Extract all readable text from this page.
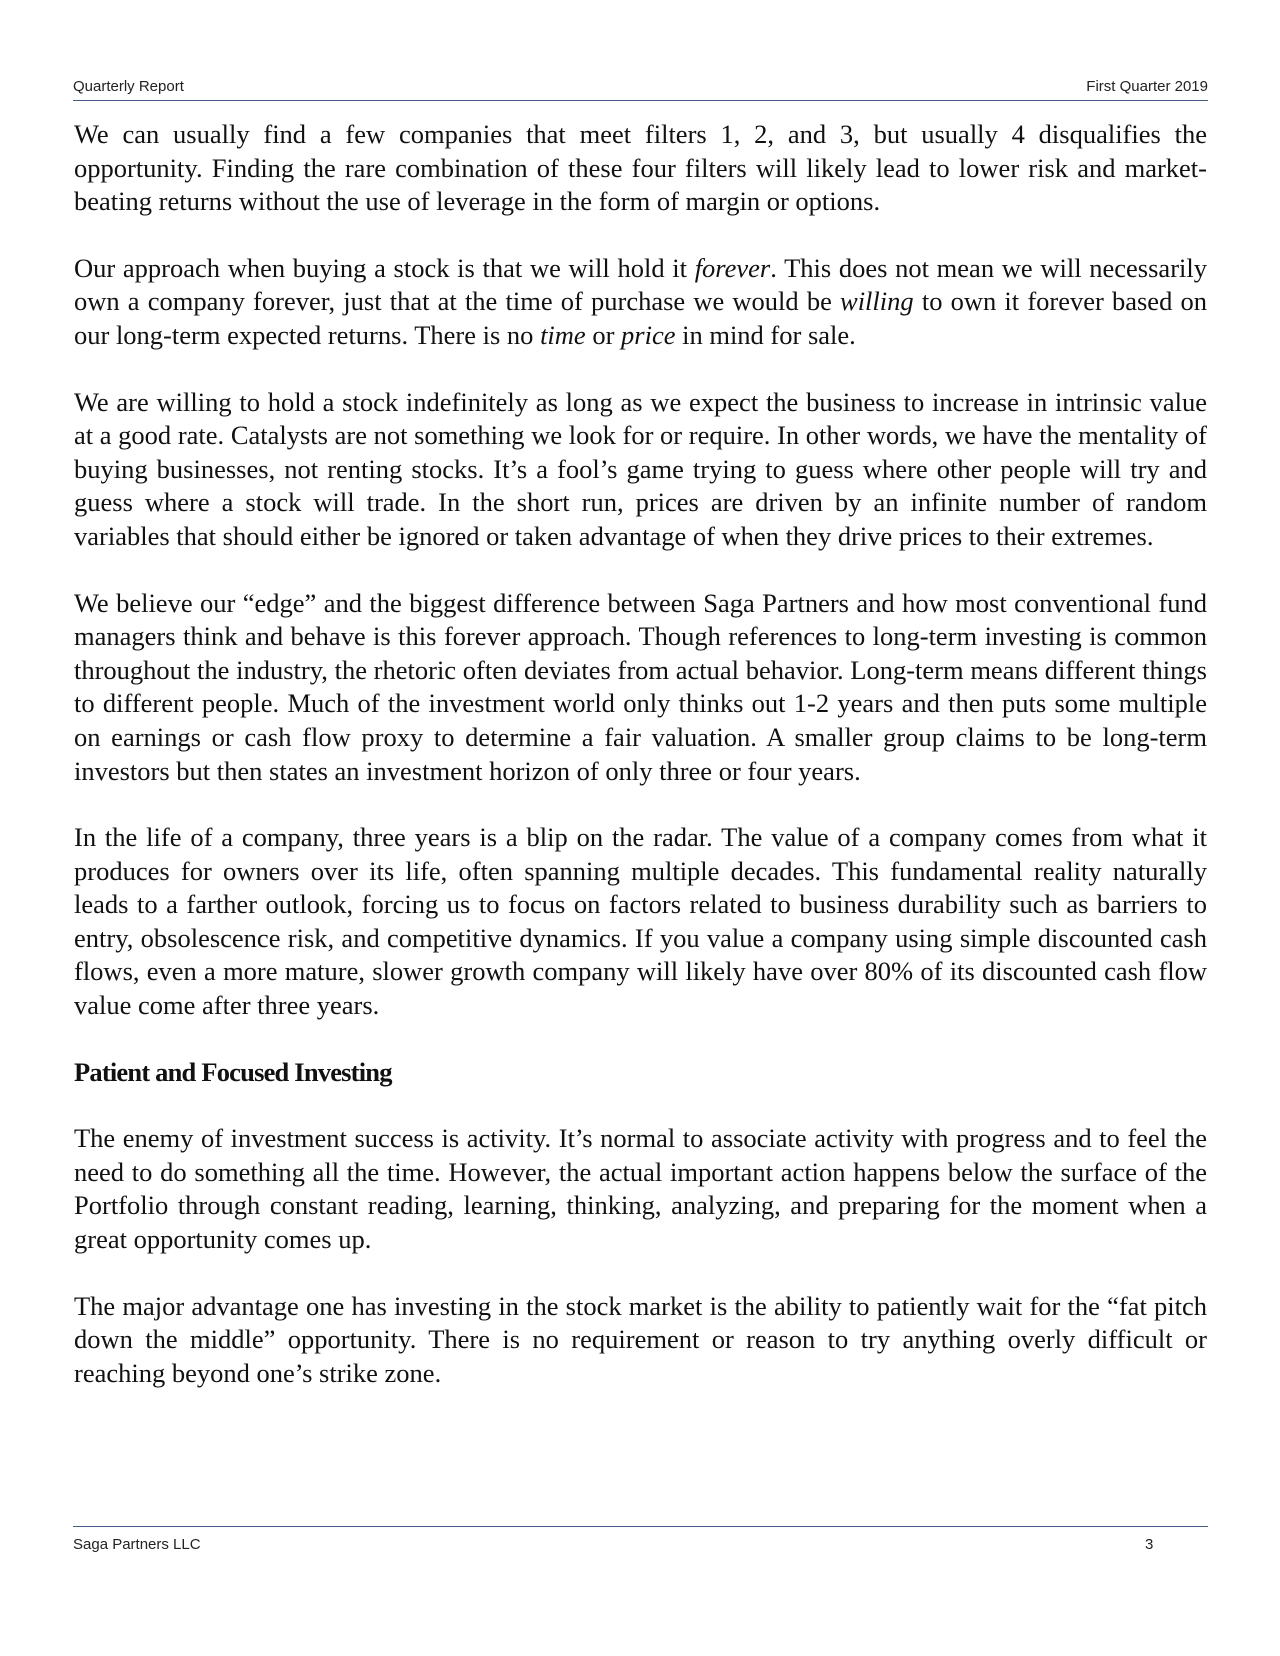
Quarterly Report	First Quarter 2019

We can usually find a few companies that meet filters 1, 2, and 3, but usually 4 disqualifies the opportunity. Finding the rare combination of these four filters will likely lead to lower risk and market-beating returns without the use of leverage in the form of margin or options.

Our approach when buying a stock is that we will hold it forever. This does not mean we will necessarily own a company forever, just that at the time of purchase we would be willing to own it forever based on our long-term expected returns. There is no time or price in mind for sale.

We are willing to hold a stock indefinitely as long as we expect the business to increase in intrinsic value at a good rate. Catalysts are not something we look for or require. In other words, we have the mentality of buying businesses, not renting stocks. It’s a fool’s game trying to guess where other people will try and guess where a stock will trade. In the short run, prices are driven by an infinite number of random variables that should either be ignored or taken advantage of when they drive prices to their extremes.

We believe our “edge” and the biggest difference between Saga Partners and how most conventional fund managers think and behave is this forever approach. Though references to long-term investing is common throughout the industry, the rhetoric often deviates from actual behavior. Long-term means different things to different people. Much of the investment world only thinks out 1-2 years and then puts some multiple on earnings or cash flow proxy to determine a fair valuation. A smaller group claims to be long-term investors but then states an investment horizon of only three or four years.

In the life of a company, three years is a blip on the radar. The value of a company comes from what it produces for owners over its life, often spanning multiple decades. This fundamental reality naturally leads to a farther outlook, forcing us to focus on factors related to business durability such as barriers to entry, obsolescence risk, and competitive dynamics. If you value a company using simple discounted cash flows, even a more mature, slower growth company will likely have over 80% of its discounted cash flow value come after three years.

Patient and Focused Investing

The enemy of investment success is activity. It’s normal to associate activity with progress and to feel the need to do something all the time. However, the actual important action happens below the surface of the Portfolio through constant reading, learning, thinking, analyzing, and preparing for the moment when a great opportunity comes up.

The major advantage one has investing in the stock market is the ability to patiently wait for the “fat pitch down the middle” opportunity. There is no requirement or reason to try anything overly difficult or reaching beyond one’s strike zone.

Saga Partners LLC	3
